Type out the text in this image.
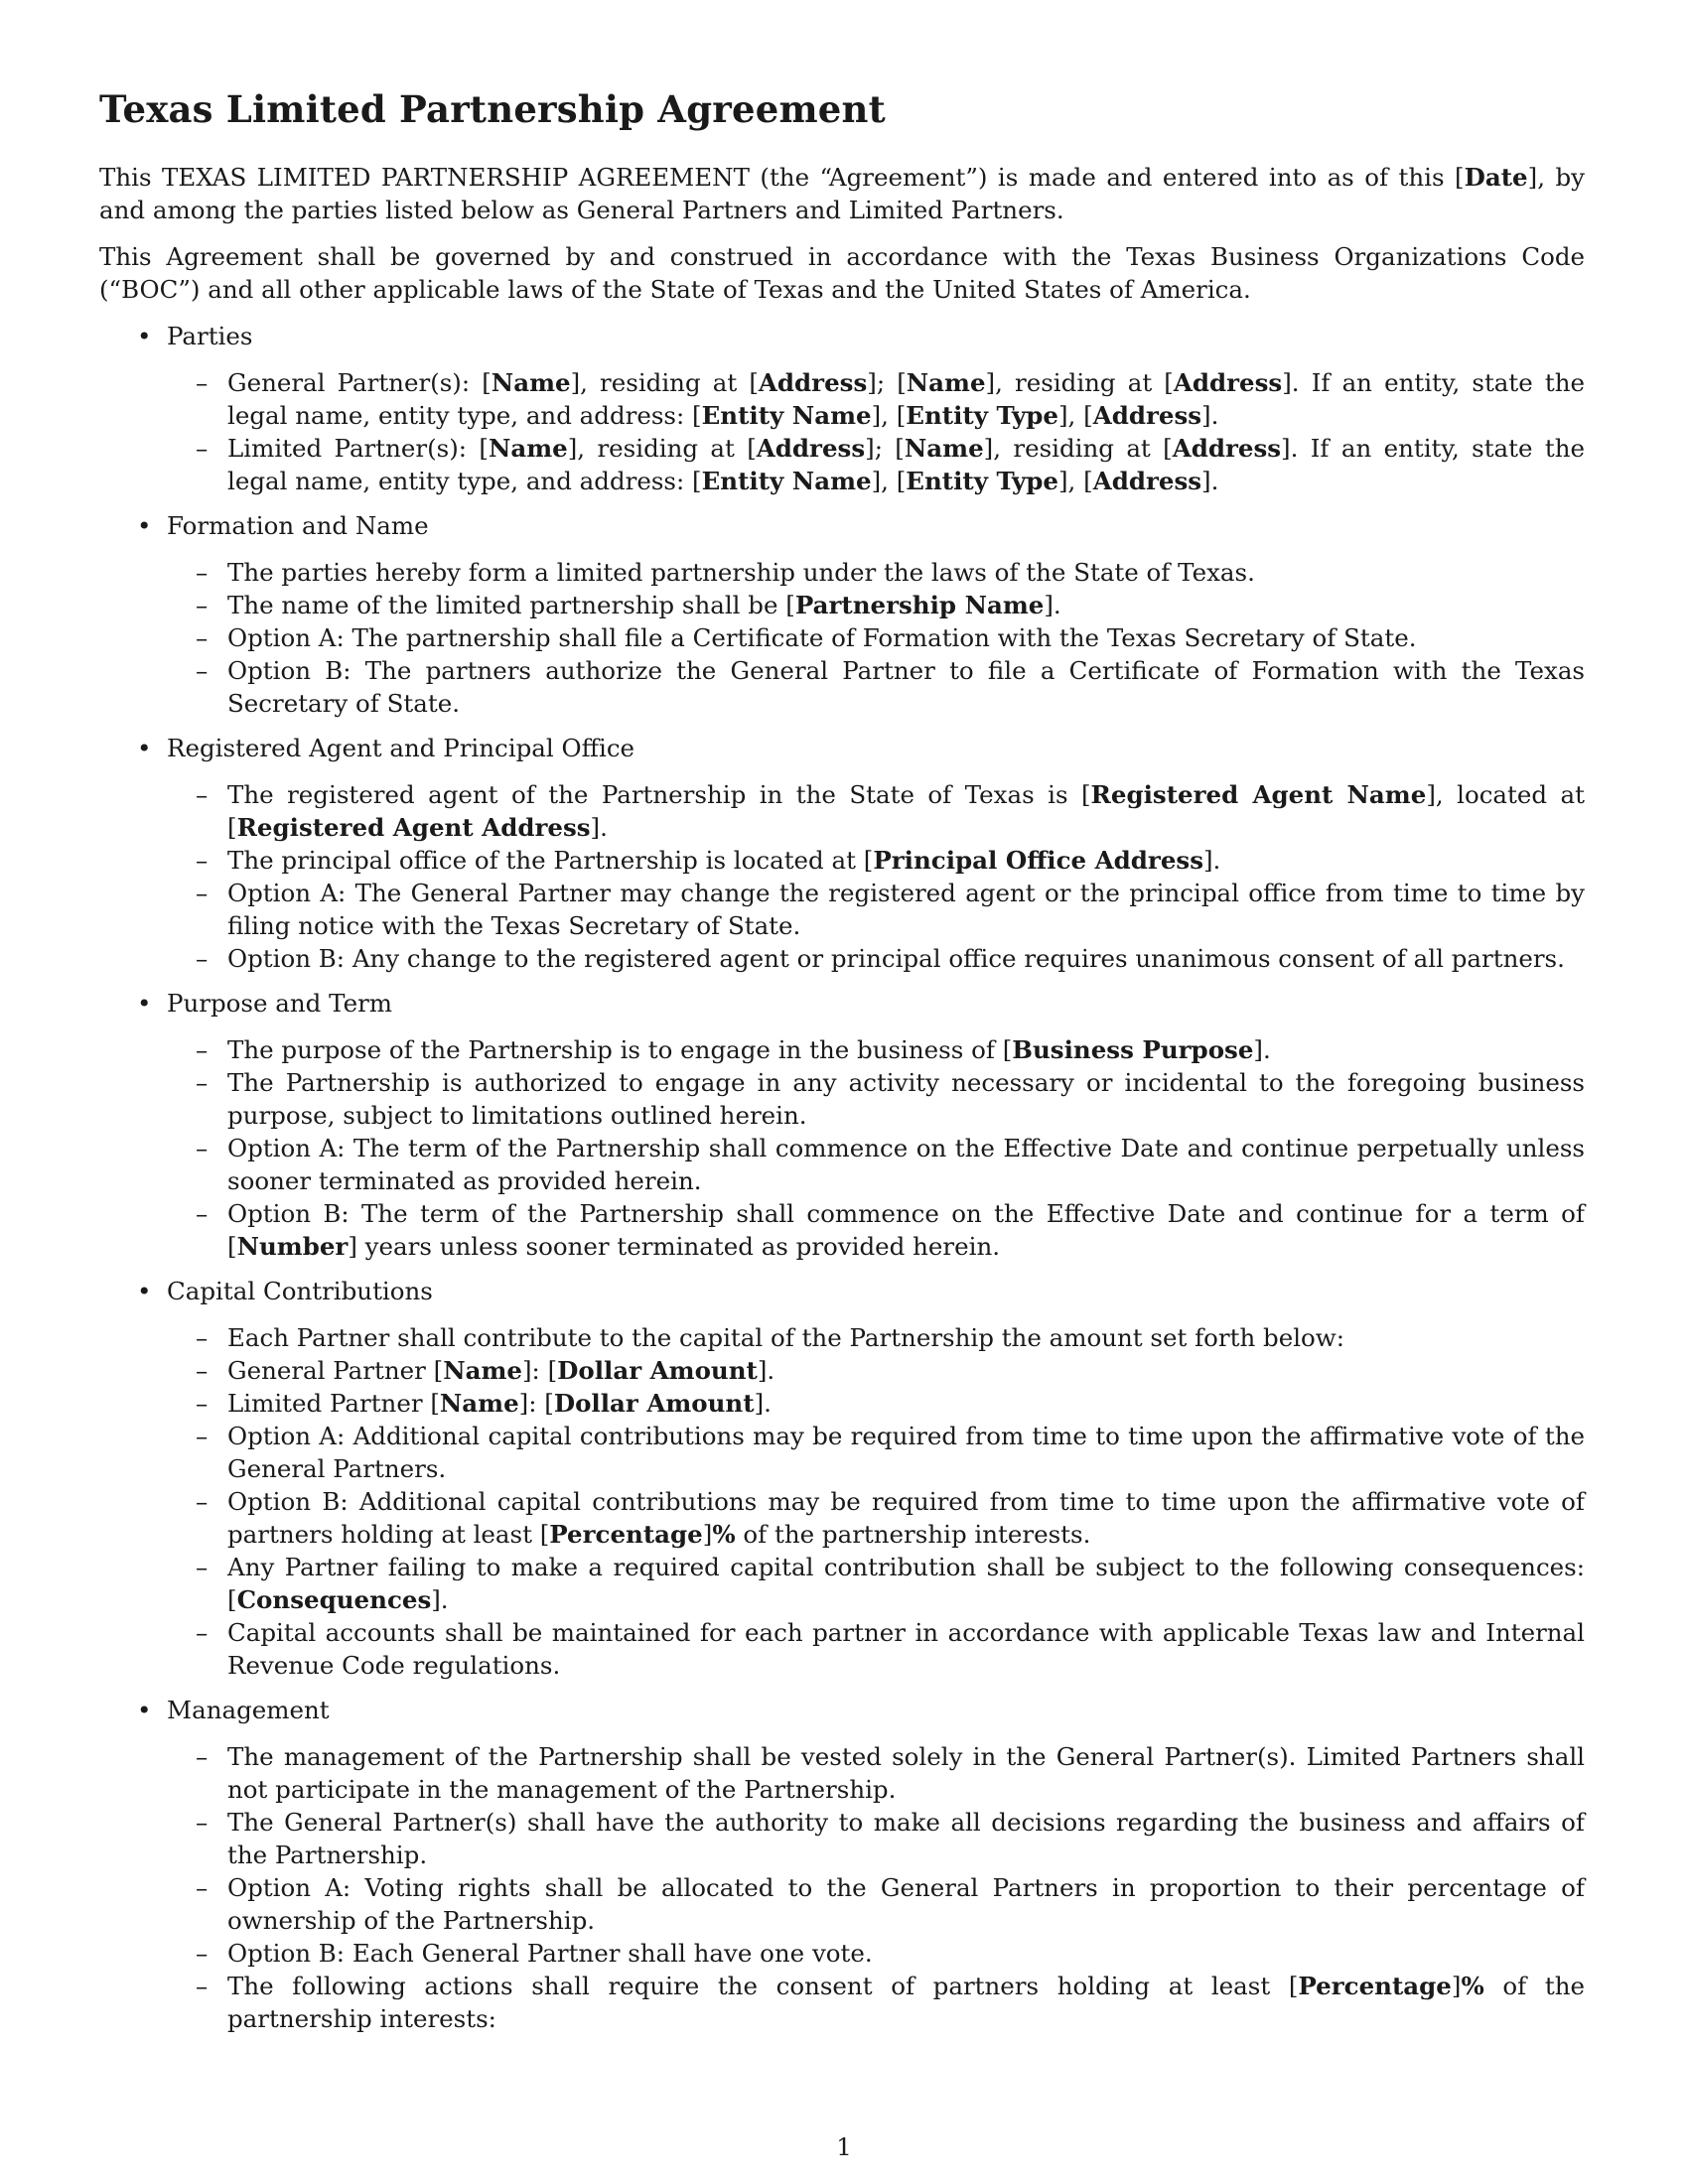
Texas Limited Partnership Agreement

This TEXAS LIMITED PARTNERSHIP AGREEMENT (the “Agreement”) is made and entered into as of this [Date], by and among the parties listed below as General Partners and Limited Partners.

This Agreement shall be governed by and construed in accordance with the Texas Business Organizations Code (“BOC”) and all other applicable laws of the State of Texas and the United States of America.

• Parties
– General Partner(s): [Name], residing at [Address]; [Name], residing at [Address]. If an entity, state the legal name, entity type, and address: [Entity Name], [Entity Type], [Address].
– Limited Partner(s): [Name], residing at [Address]; [Name], residing at [Address]. If an entity, state the legal name, entity type, and address: [Entity Name], [Entity Type], [Address].
• Formation and Name
– The parties hereby form a limited partnership under the laws of the State of Texas.
– The name of the limited partnership shall be [Partnership Name].
– Option A: The partnership shall file a Certificate of Formation with the Texas Secretary of State.
– Option B: The partners authorize the General Partner to file a Certificate of Formation with the Texas Secretary of State.
• Registered Agent and Principal Office
– The registered agent of the Partnership in the State of Texas is [Registered Agent Name], located at [Registered Agent Address].
– The principal office of the Partnership is located at [Principal Office Address].
– Option A: The General Partner may change the registered agent or the principal office from time to time by filing notice with the Texas Secretary of State.
– Option B: Any change to the registered agent or principal office requires unanimous consent of all partners.
• Purpose and Term
– The purpose of the Partnership is to engage in the business of [Business Purpose].
– The Partnership is authorized to engage in any activity necessary or incidental to the foregoing business purpose, subject to limitations outlined herein.
– Option A: The term of the Partnership shall commence on the Effective Date and continue perpetually unless sooner terminated as provided herein.
– Option B: The term of the Partnership shall commence on the Effective Date and continue for a term of [Number] years unless sooner terminated as provided herein.
• Capital Contributions
– Each Partner shall contribute to the capital of the Partnership the amount set forth below:
– General Partner [Name]: [Dollar Amount].
– Limited Partner [Name]: [Dollar Amount].
– Option A: Additional capital contributions may be required from time to time upon the affirmative vote of the General Partners.
– Option B: Additional capital contributions may be required from time to time upon the affirmative vote of partners holding at least [Percentage]% of the partnership interests.
– Any Partner failing to make a required capital contribution shall be subject to the following consequences: [Consequences].
– Capital accounts shall be maintained for each partner in accordance with applicable Texas law and Internal Revenue Code regulations.
• Management
– The management of the Partnership shall be vested solely in the General Partner(s). Limited Partners shall not participate in the management of the Partnership.
– The General Partner(s) shall have the authority to make all decisions regarding the business and affairs of the Partnership.
– Option A: Voting rights shall be allocated to the General Partners in proportion to their percentage of ownership of the Partnership.
– Option B: Each General Partner shall have one vote.
– The following actions shall require the consent of partners holding at least [Percentage]% of the partnership interests:
1
